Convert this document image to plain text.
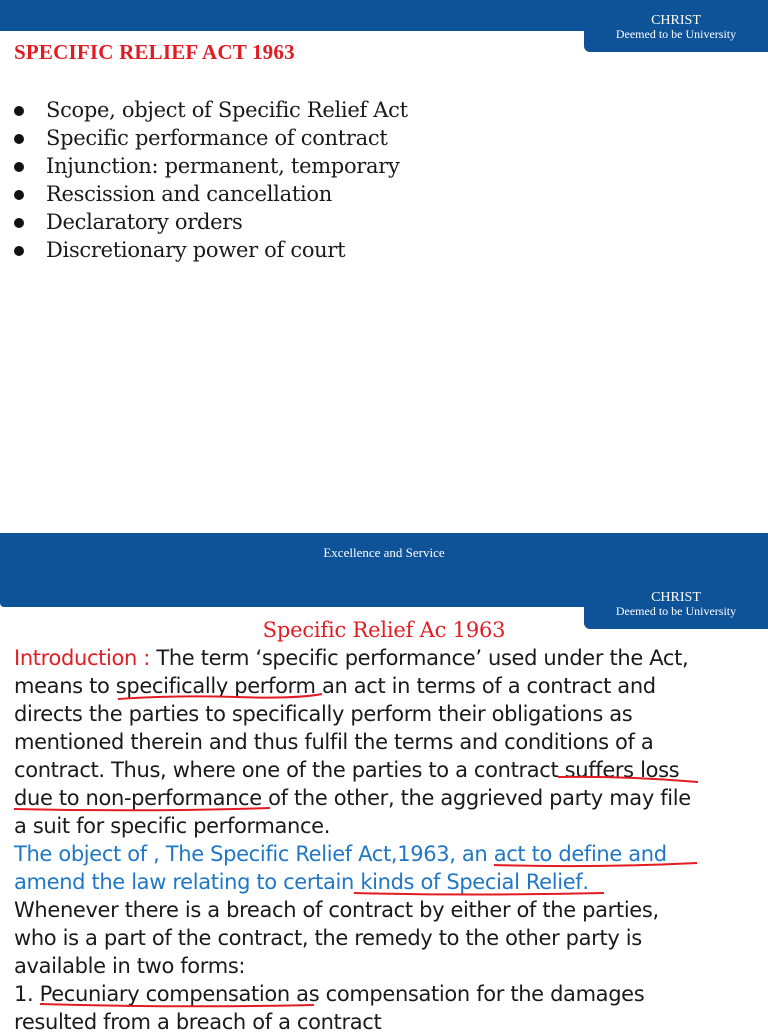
CHRIST
Deemed to be University
SPECIFIC RELIEF ACT 1963
Scope, object of Specific Relief Act
Specific performance of contract
Injunction: permanent, temporary
Rescission and cancellation
Declaratory orders
Discretionary power of court
Excellence and Service
CHRIST
Deemed to be University
Specific Relief Ac 1963
Introduction : The term ‘specific performance’ used under the Act,
means to specifically perform
an act in terms of a contract and
directs the parties to specifically perform their obligations as
mentioned therein and thus fulfil the terms and conditions of a
contract. Thus, where one of the parties to a contract suffers loss
due to non-performanc
e of the other, the aggrieved party may file
a suit for specific performance.
The object of , The Specific Relief Act,1963, an act to define and
amend the law relating to certain kinds of Special Relief
.
Whenever there is a breach of contract by either of the parties,
who is a part of the contract, the remedy to the other party is
available in two forms:
1. Pecuniary compensation
as compensation for the damages
resulted from a breach of a contract
